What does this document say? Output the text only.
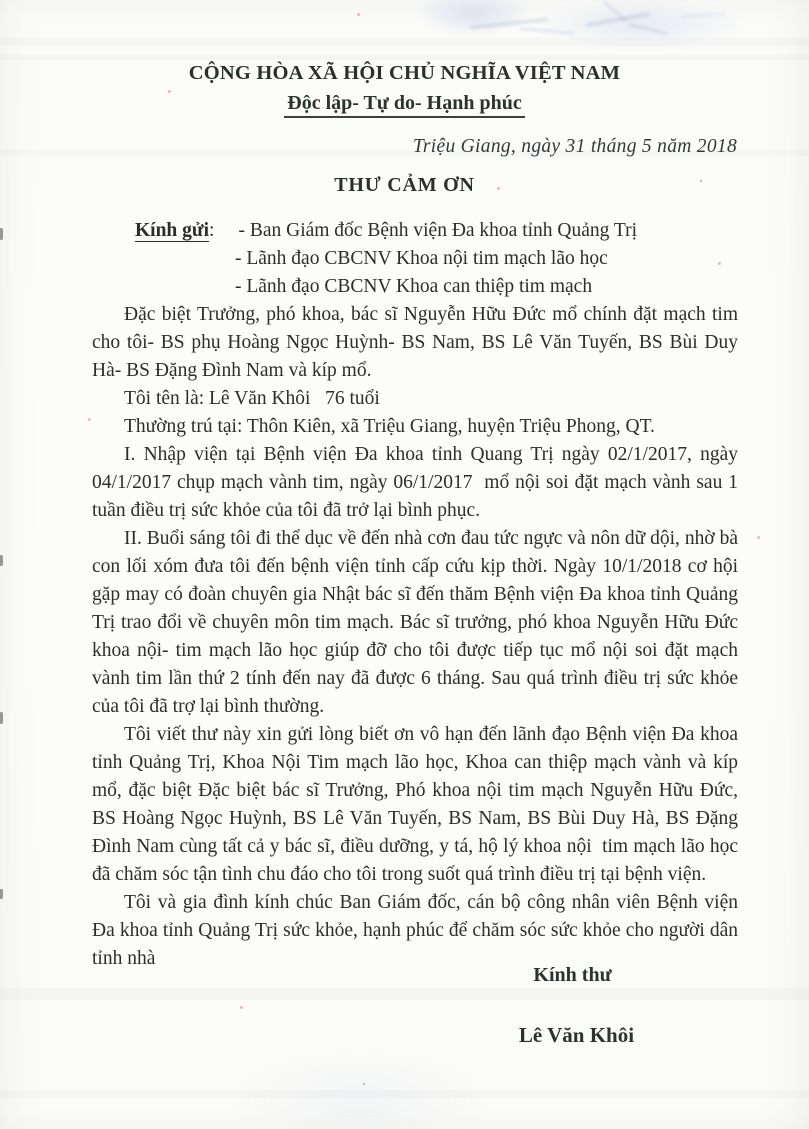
CỘNG HÒA XÃ HỘI CHỦ NGHĨA VIỆT NAM
Độc lập- Tự do- Hạnh phúc
Triệu Giang, ngày 31 tháng 5 năm 2018
THƯ CẢM ƠN
Kính gửi: - Ban Giám đốc Bệnh viện Đa khoa tỉnh Quảng Trị
- Lãnh đạo CBCNV Khoa nội tim mạch lão học
- Lãnh đạo CBCNV Khoa can thiệp tim mạch

Đặc biệt Trưởng, phó khoa, bác sĩ Nguyễn Hữu Đức mổ chính đặt mạch tim cho tôi- BS phụ Hoàng Ngọc Huỳnh- BS Nam, BS Lê Văn Tuyến, BS Bùi Duy Hà- BS Đặng Đình Nam và kíp mổ.

Tôi tên là: Lê Văn Khôi   76 tuổi

Thường trú tại: Thôn Kiên, xã Triệu Giang, huyện Triệu Phong, QT.

I. Nhập viện tại Bệnh viện Đa khoa tỉnh Quang Trị ngày 02/1/2017, ngày 04/1/2017 chụp mạch vành tim, ngày 06/1/2017  mổ nội soi đặt mạch vành sau 1 tuần điều trị sức khỏe của tôi đã trở lại bình phục.

II. Buổi sáng tôi đi thể dục về đến nhà cơn đau tức ngực và nôn dữ dội, nhờ bà con lối xóm đưa tôi đến bệnh viện tỉnh cấp cứu kịp thời. Ngày 10/1/2018 cơ hội gặp may có đoàn chuyên gia Nhật bác sĩ đến thăm Bệnh viện Đa khoa tỉnh Quảng Trị trao đổi về chuyên môn tim mạch. Bác sĩ trưởng, phó khoa Nguyễn Hữu Đức khoa nội- tim mạch lão học giúp đỡ cho tôi được tiếp tục mổ nội soi đặt mạch vành tim lần thứ 2 tính đến nay đã được 6 tháng. Sau quá trình điều trị sức khỏe của tôi đã trợ lại bình thường.

Tôi viết thư này xin gửi lòng biết ơn vô hạn đến lãnh đạo Bệnh viện Đa khoa tỉnh Quảng Trị, Khoa Nội Tim mạch lão học, Khoa can thiệp mạch vành và kíp mổ, đặc biệt Đặc biệt bác sĩ Trưởng, Phó khoa nội tim mạch Nguyễn Hữu Đức, BS Hoàng Ngọc Huỳnh, BS Lê Văn Tuyến, BS Nam, BS Bùi Duy Hà, BS Đặng Đình Nam cùng tất cả y bác sĩ, điều dưỡng, y tá, hộ lý khoa nội  tim mạch lão học đã chăm sóc tận tình chu đáo cho tôi trong suốt quá trình điều trị tại bệnh viện.

Tôi và gia đình kính chúc Ban Giám đốc, cán bộ công nhân viên Bệnh viện Đa khoa tỉnh Quảng Trị sức khỏe, hạnh phúc để chăm sóc sức khỏe cho người dân tỉnh nhà

Kính thư
Lê Văn Khôi
